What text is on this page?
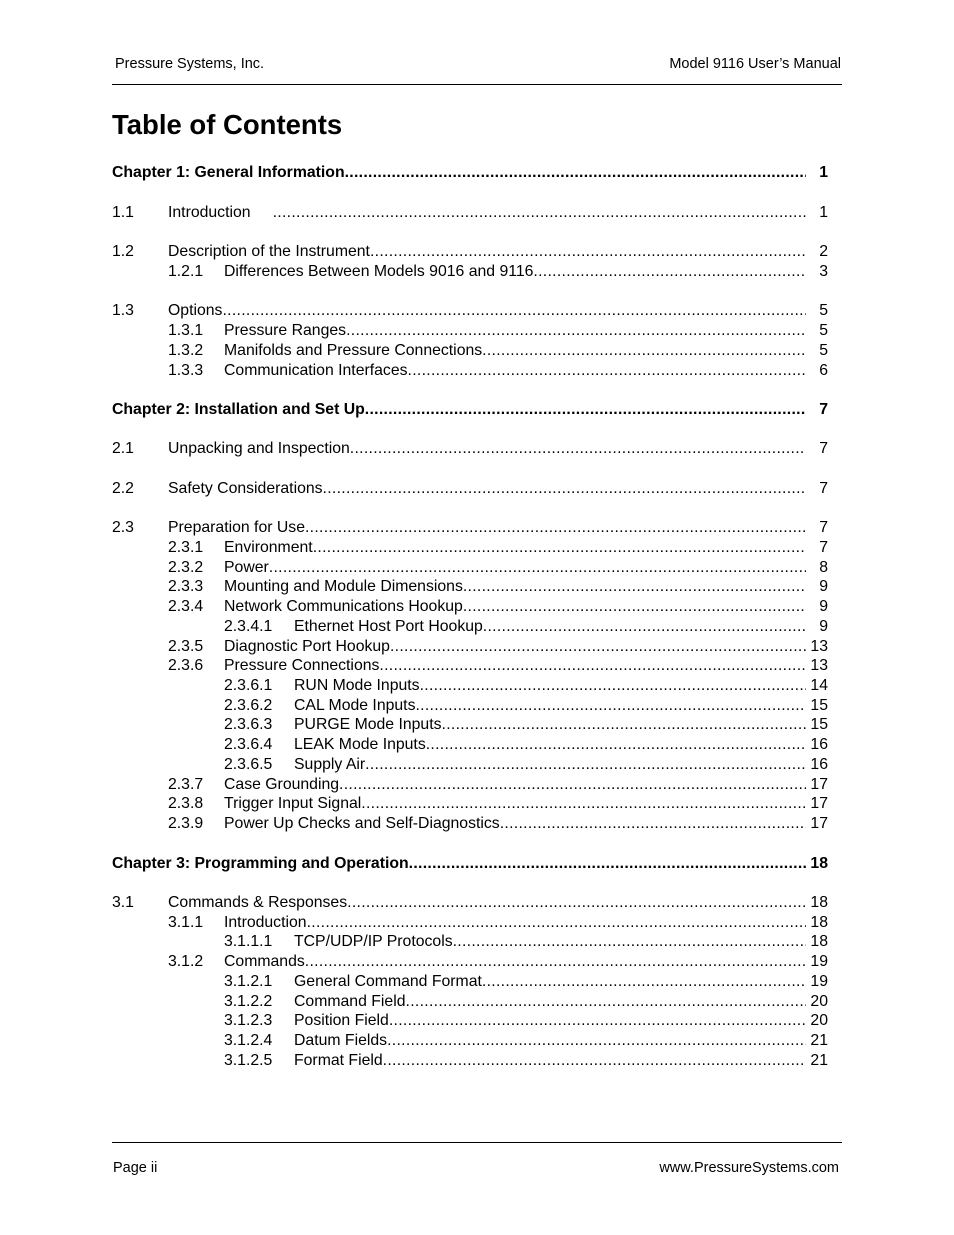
Pressure Systems, Inc.	Model 9116 User’s Manual
Table of Contents
Chapter 1: General Information .....	1
1.1 Introduction .....	1
1.2 Description of the Instrument .....	2
1.2.1 Differences Between Models 9016 and 9116 .....	3
1.3 Options .....	5
1.3.1 Pressure Ranges .....	5
1.3.2 Manifolds and Pressure Connections .....	5
1.3.3 Communication Interfaces .....	6
Chapter 2: Installation and Set Up .....	7
2.1 Unpacking and Inspection .....	7
2.2 Safety Considerations .....	7
2.3 Preparation for Use .....	7
2.3.1 Environment .....	7
2.3.2 Power .....	8
2.3.3 Mounting and Module Dimensions .....	9
2.3.4 Network Communications Hookup .....	9
2.3.4.1 Ethernet Host Port Hookup .....	9
2.3.5 Diagnostic Port Hookup .....	13
2.3.6 Pressure Connections .....	13
2.3.6.1 RUN Mode Inputs .....	14
2.3.6.2 CAL Mode Inputs .....	15
2.3.6.3 PURGE Mode Inputs .....	15
2.3.6.4 LEAK Mode Inputs .....	16
2.3.6.5 Supply Air .....	16
2.3.7 Case Grounding .....	17
2.3.8 Trigger Input Signal .....	17
2.3.9 Power Up Checks and Self-Diagnostics .....	17
Chapter 3: Programming and Operation .....	18
3.1 Commands & Responses .....	18
3.1.1 Introduction .....	18
3.1.1.1 TCP/UDP/IP Protocols .....	18
3.1.2 Commands .....	19
3.1.2.1 General Command Format .....	19
3.1.2.2 Command Field .....	20
3.1.2.3 Position Field .....	20
3.1.2.4 Datum Fields .....	21
3.1.2.5 Format Field .....	21
Page ii	www.PressureSystems.com
